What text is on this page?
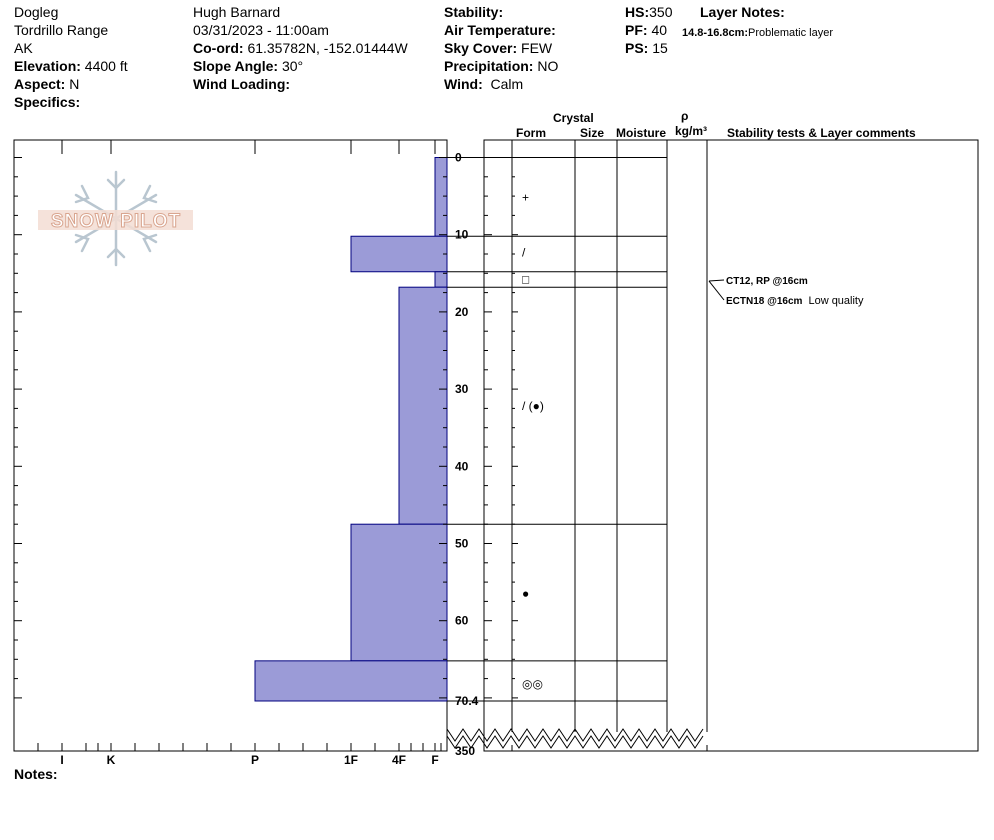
Dogleg
Tordrillo Range
AK
Elevation: 4400 ft
Aspect: N
Specifics:
Hugh Barnard
03/31/2023 - 11:00am
Co-ord: 61.35782N, -152.01444W
Slope Angle: 30°
Wind Loading:
Stability:
Air Temperature:
Sky Cover: FEW
Precipitation: NO
Wind: Calm
HS:350
PF: 40
PS: 15
Layer Notes:
14.8-16.8cm:Problematic layer
Crystal
Form	Size Moisture
ρ
kg/m³ Stability tests & Layer comments
Notes:
SNOW PILOT
0
10
20
30
40
50
60
70.4
350
I	K	P	1F	4F F
+
/
□
/ (●)
●
◎◎
CT12, RP @16cm
ECTN18 @16cm Low quality
